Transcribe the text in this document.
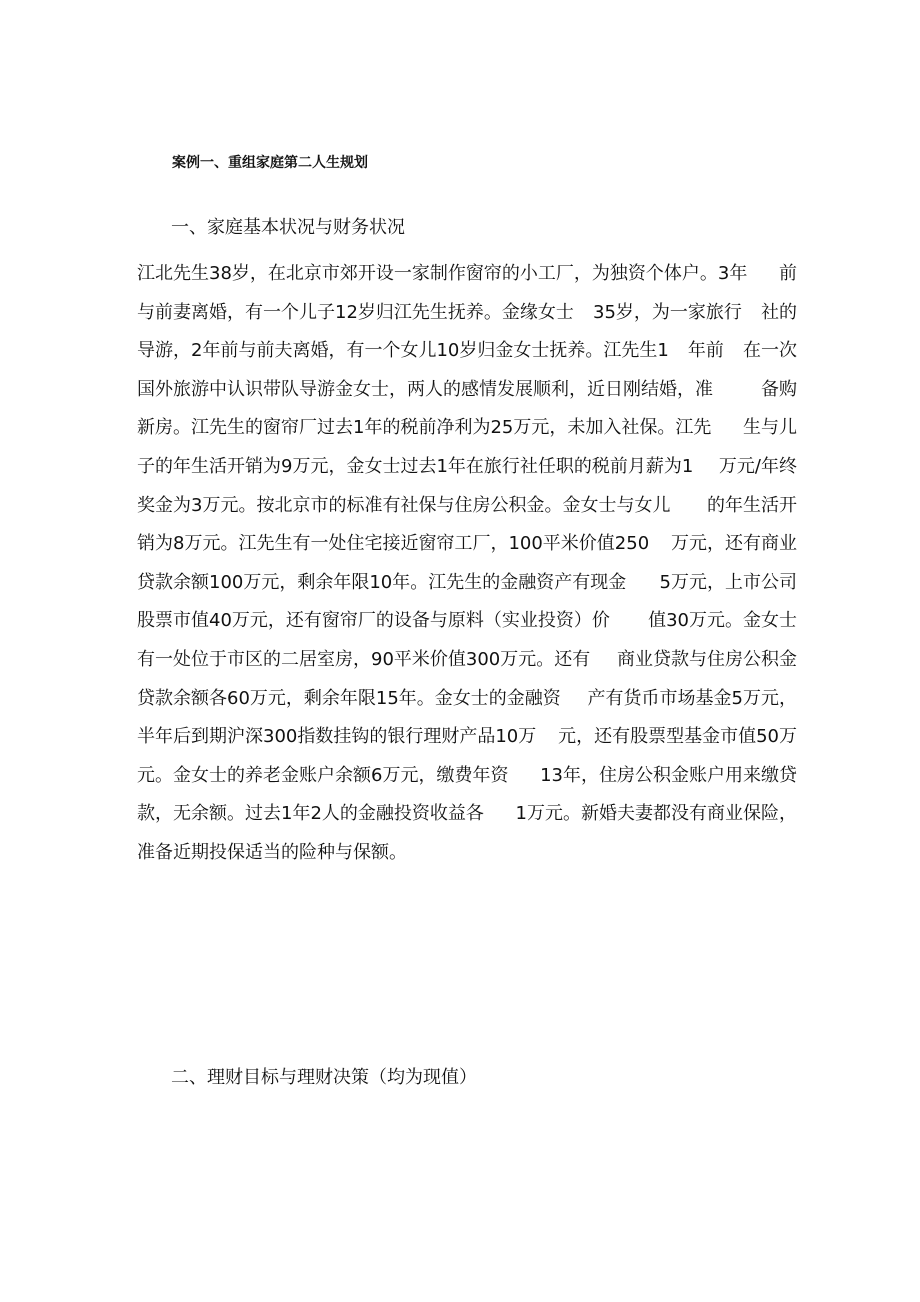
案例一、重组家庭第二人生规划
一、家庭基本状况与财务状况
江北先生38岁，在北京市郊开设一家制作窗帘的小工厂，为独资个体户。3年 前
与前妻离婚，有一个儿子12岁归江先生抚养。金缘女士 35岁，为一家旅行 社的
导游，2年前与前夫离婚，有一个女儿10岁归金女士抚养。江先生1 年前 在一次
国外旅游中认识带队导游金女士，两人的感情发展顺利，近日刚结婚，准	备购
新房。江先生的窗帘厂过去1年的税前净利为25万元，未加入社保。江先 生与儿
子的年生活开销为9万元，金女士过去1年在旅行社任职的税前月薪为1 万元/年终
奖金为3万元。按北京市的标准有社保与住房公积金。金女士与女儿 的年生活开
销为8万元。江先生有一处住宅接近窗帘工厂，100平米价值250 万元，还有商业
贷款余额100万元，剩余年限10年。江先生的金融资产有现金 5万元，上市公司
股票市值40万元，还有窗帘厂的设备与原料（实业投资）价 值30万元。金女士
有一处位于市区的二居室房，90平米价值300万元。还有 商业贷款与住房公积金
贷款余额各60万元，剩余年限15年。金女士的金融资 产有货币市场基金5万元，
半年后到期沪深300指数挂钩的银行理财产品10万 元，还有股票型基金市值50万
元。金女士的养老金账户余额6万元，缴费年资 13年，住房公积金账户用来缴贷
款，无余额。过去1年2人的金融投资收益各 1万元。新婚夫妻都没有商业保险，
准备近期投保适当的险种与保额。
二、理财目标与理财决策（均为现值）
